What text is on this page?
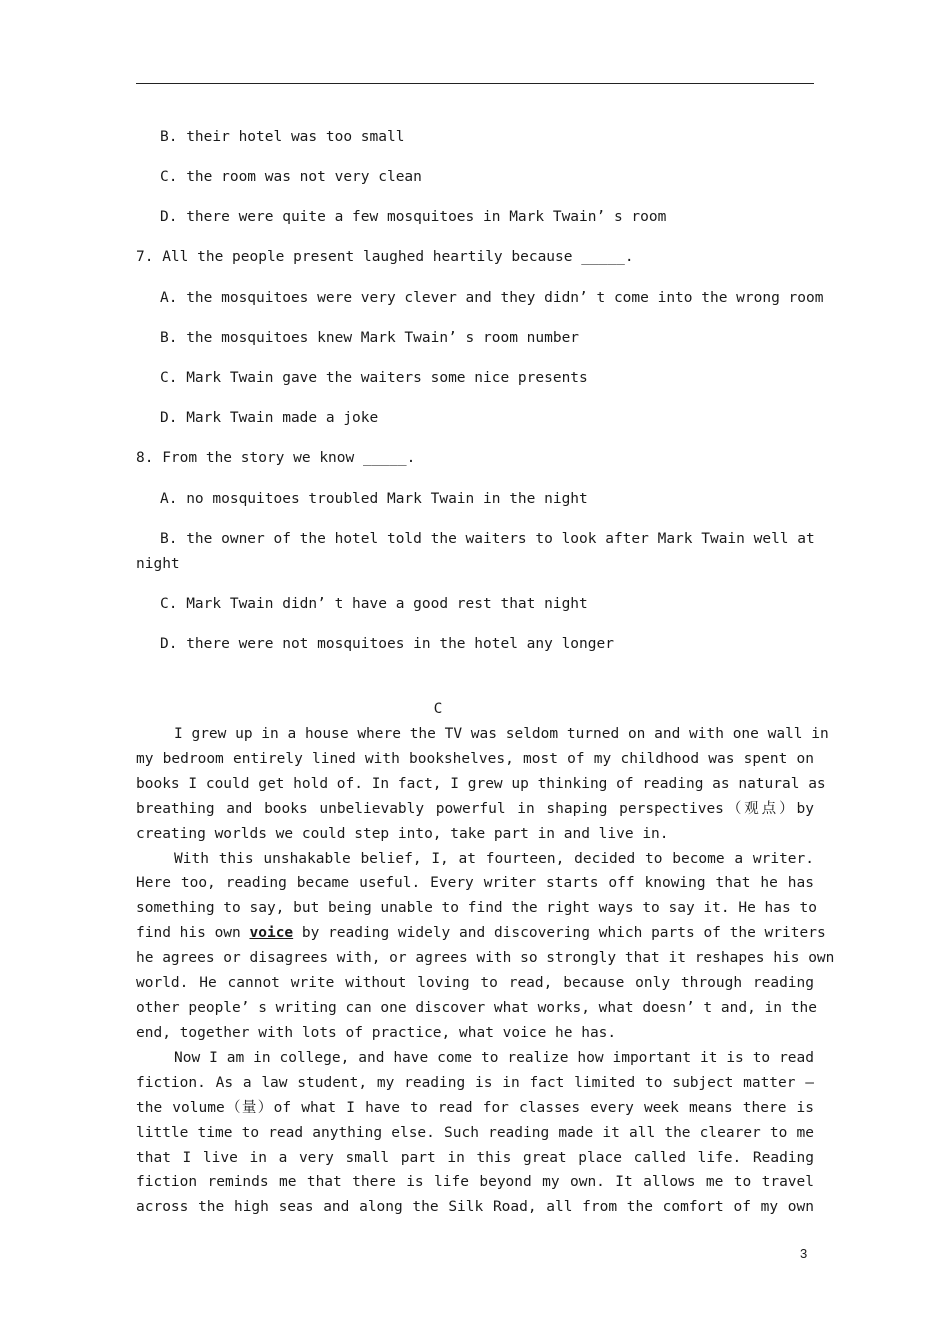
B. their hotel was too small
C. the room was not very clean
D. there were quite a few mosquitoes in Mark Twain’ s room
7. All the people present laughed heartily because _____.
A. the mosquitoes were very clever and they didn’ t come into the wrong room
B. the mosquitoes knew Mark Twain’ s room number
C. Mark Twain gave the waiters some nice presents
D. Mark Twain made a joke
8. From the story we know _____.
A. no mosquitoes troubled Mark Twain in the night
B. the owner of the hotel told the waiters to look after Mark Twain well at
night
C. Mark Twain didn’ t have a good rest that night
D. there were not mosquitoes in the hotel any longer
C
I grew up in a house where the TV was seldom turned on and with one wall in
my bedroom entirely lined with bookshelves, most of my childhood was spent on
books I could get hold of. In fact, I grew up thinking of reading as natural as
breathing and books unbelievably powerful in shaping perspectives（观点）by
creating worlds we could step into, take part in and live in.
With this unshakable belief, I, at fourteen, decided to become a writer.
Here too, reading became useful. Every writer starts off knowing that he has
something to say, but being unable to find the right ways to say it. He has to
find his own voice by reading widely and discovering which parts of the writers
he agrees or disagrees with, or agrees with so strongly that it reshapes his own
world. He cannot write without loving to read, because only through reading
other people’ s writing can one discover what works, what doesn’ t and, in the
end, together with lots of practice, what voice he has.
Now I am in college, and have come to realize how important it is to read
fiction. As a law student, my reading is in fact limited to subject matter —
the volume（量）of what I have to read for classes every week means there is
little time to read anything else. Such reading made it all the clearer to me
that I live in a very small part in this great place called life. Reading
fiction reminds me that there is life beyond my own. It allows me to travel
across the high seas and along the Silk Road, all from the comfort of my own
3
